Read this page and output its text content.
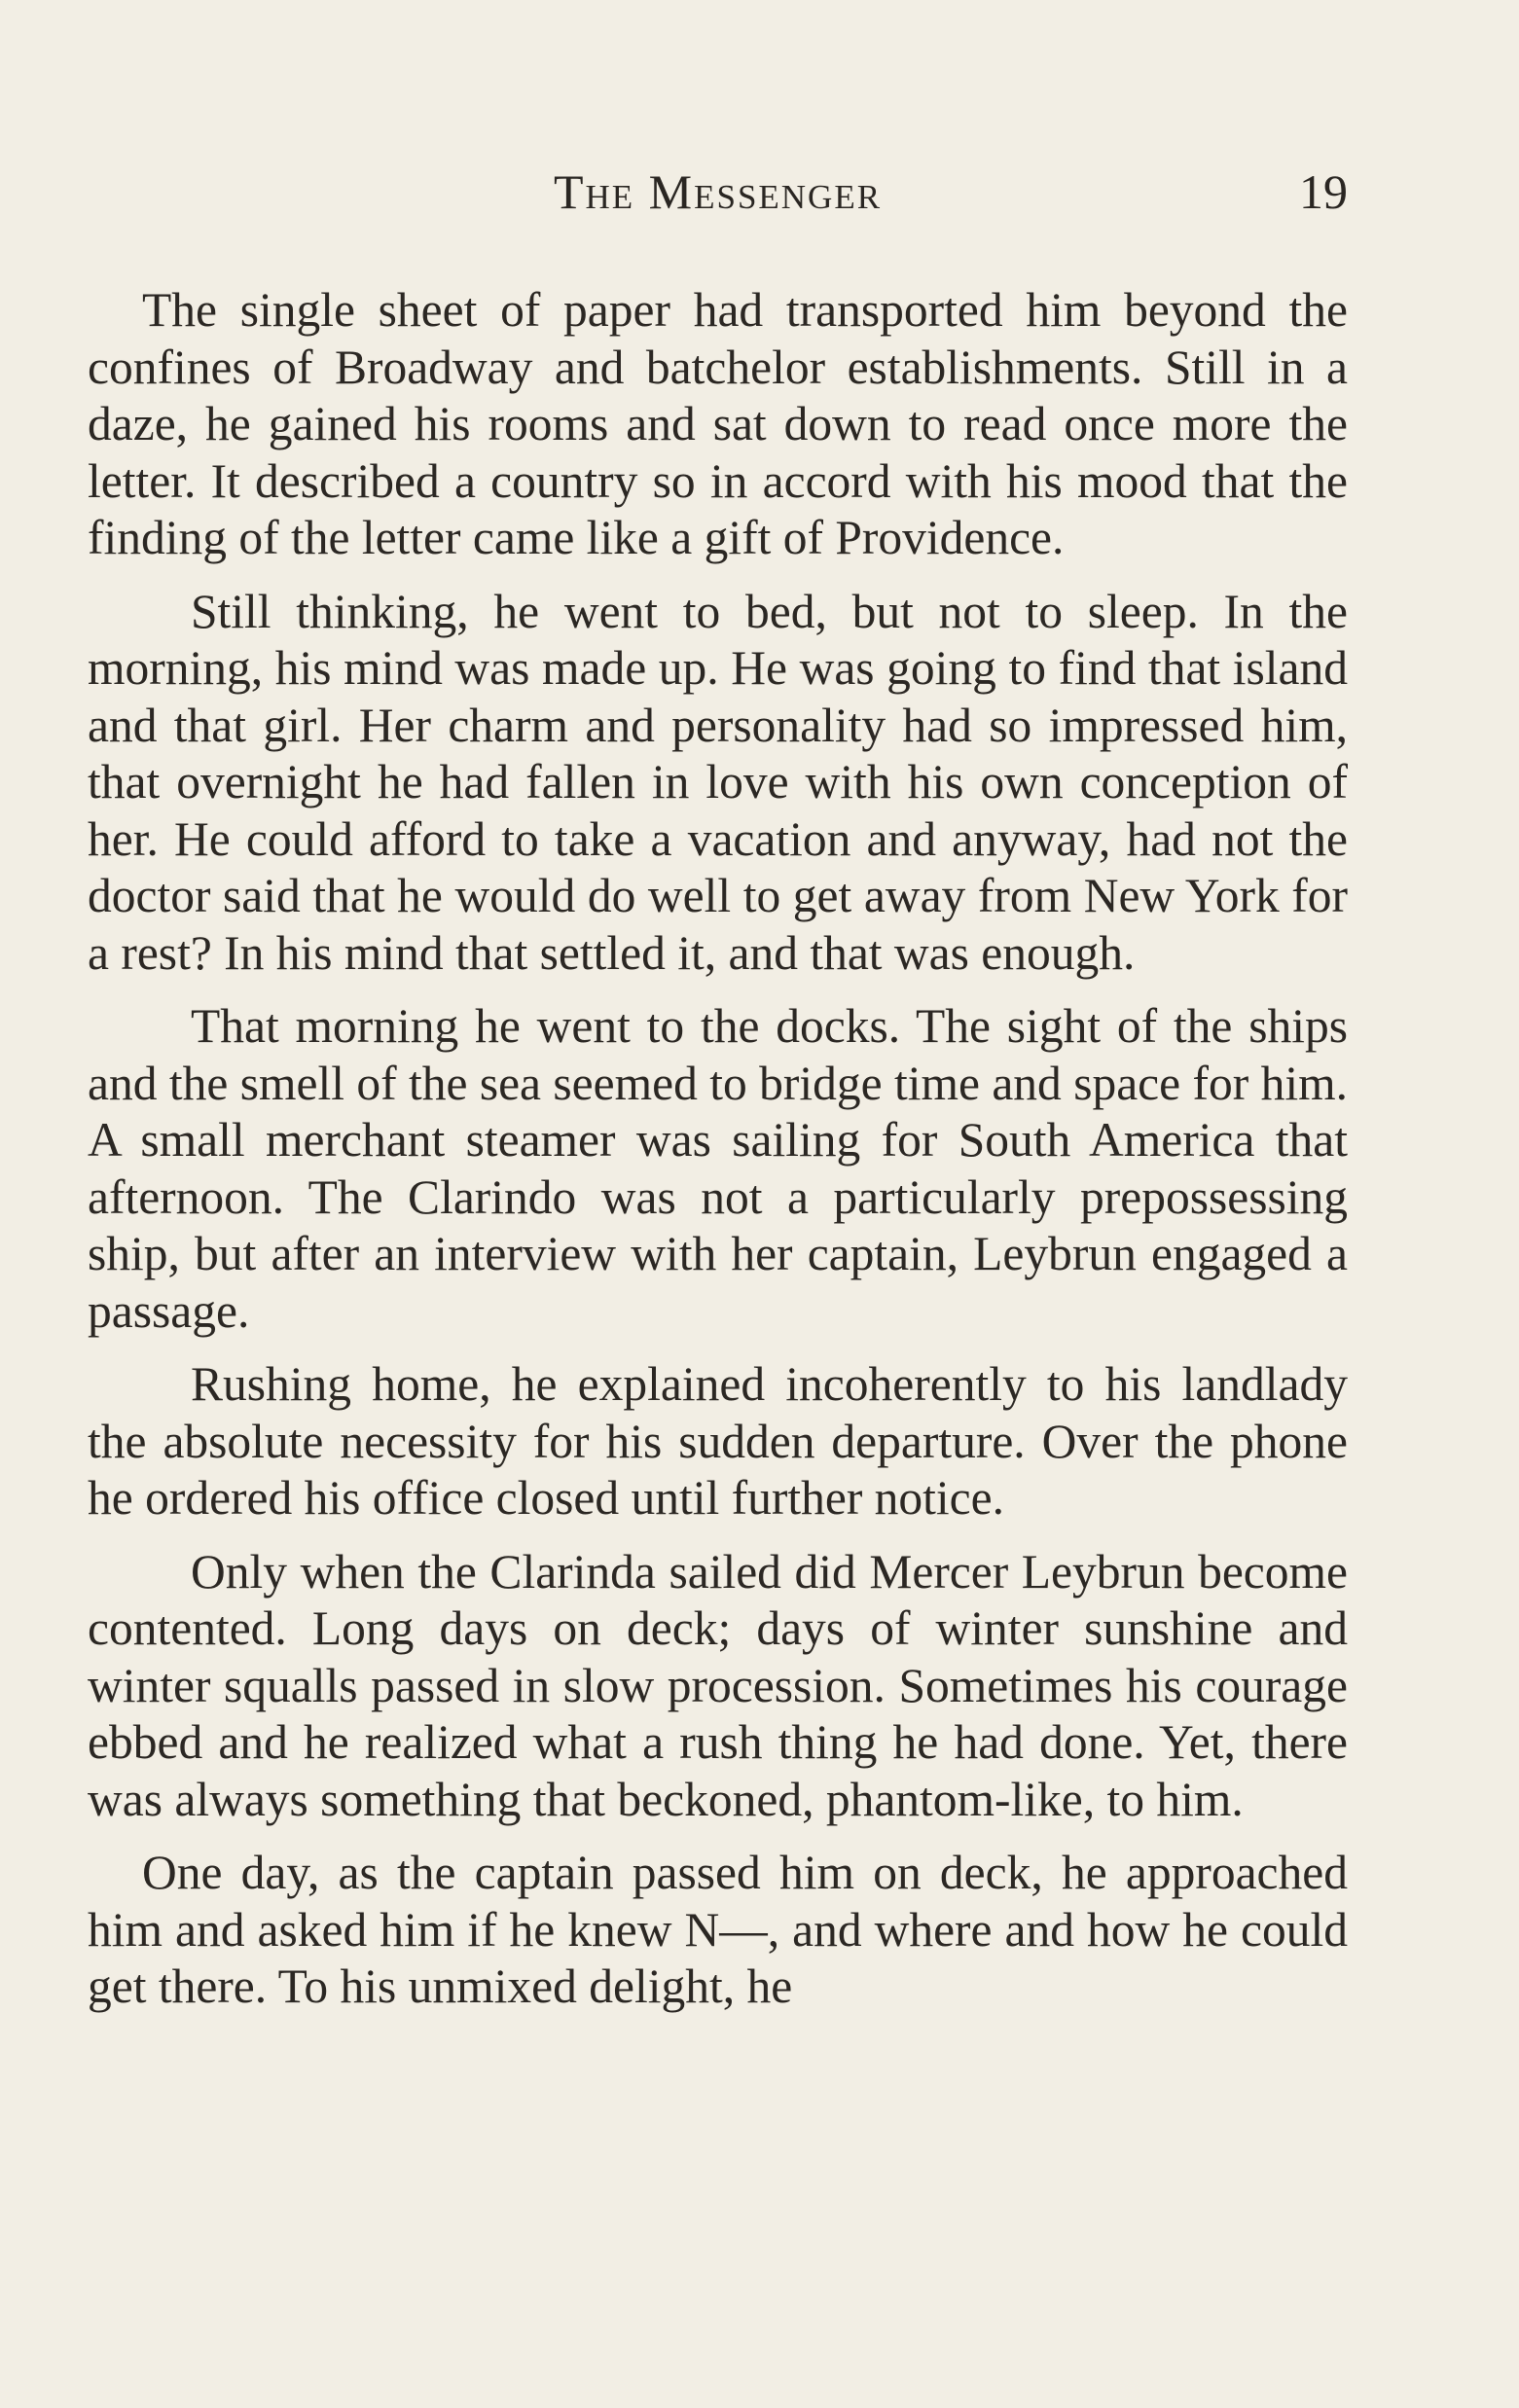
The Messenger	19

The single sheet of paper had transported him beyond the confines of Broadway and batchelor establishments. Still in a daze, he gained his rooms and sat down to read once more the letter. It described a country so in accord with his mood that the finding of the letter came like a gift of Providence.

Still thinking, he went to bed, but not to sleep. In the morning, his mind was made up. He was going to find that island and that girl. Her charm and personality had so impressed him, that overnight he had fallen in love with his own conception of her. He could afford to take a vacation and anyway, had not the doctor said that he would do well to get away from New York for a rest? In his mind that settled it, and that was enough.

That morning he went to the docks. The sight of the ships and the smell of the sea seemed to bridge time and space for him. A small merchant steamer was sailing for South America that afternoon. The Clarindo was not a particularly prepossessing ship, but after an interview with her captain, Leybrun engaged a passage.

Rushing home, he explained incoherently to his landlady the absolute necessity for his sudden departure. Over the phone he ordered his office closed until further notice.

Only when the Clarinda sailed did Mercer Leybrun become contented. Long days on deck; days of winter sunshine and winter squalls passed in slow procession. Sometimes his courage ebbed and he realized what a rush thing he had done. Yet, there was always something that beckoned, phantom-like, to him.

One day, as the captain passed him on deck, he approached him and asked him if he knew N—, and where and how he could get there. To his unmixed delight, he
